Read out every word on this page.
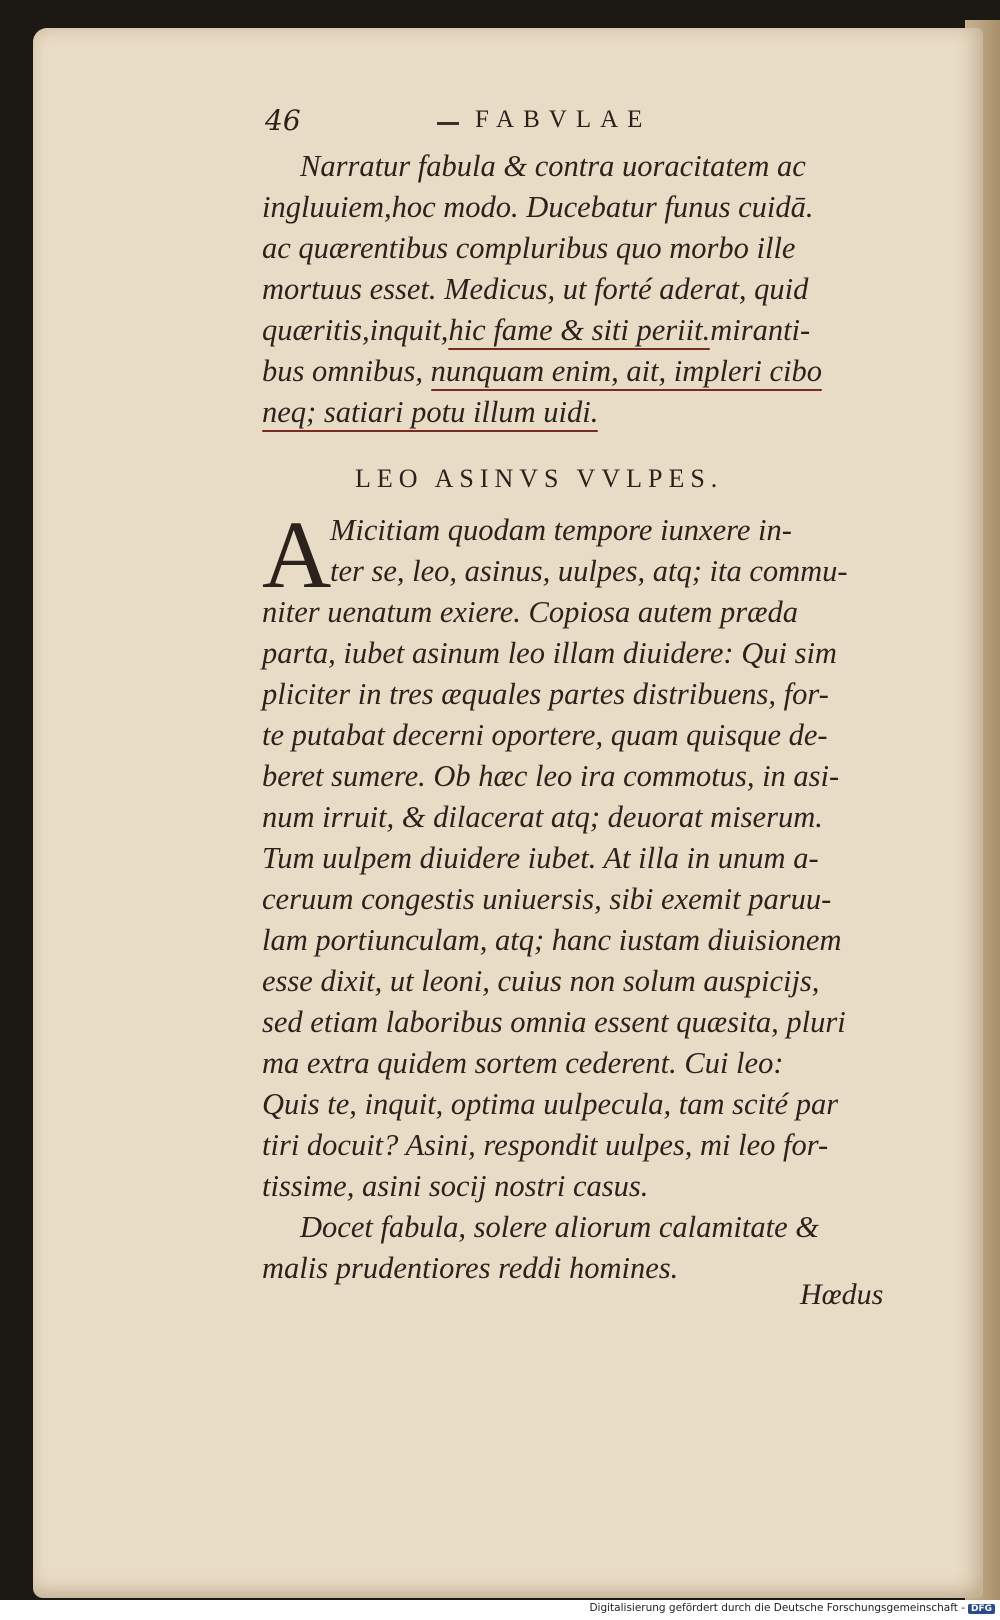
46	FABVLAE
Narratur fabula & contra uoracitatem ac
ingluuiem,hoc modo. Ducebatur funus cuidā.
ac quærentibus compluribus quo morbo ille
mortuus esset. Medicus, ut forté aderat, quid
quæritis,inquit,hic fame & siti periit.miranti-
bus omnibus, nunquam enim, ait, impleri cibo
neq; satiari potu illum uidi.
LEO ASINVS VVLPES.
A
Micitiam quodam tempore iunxere in-
ter se, leo, asinus, uulpes, atq; ita commu-
niter uenatum exiere. Copiosa autem præda
parta, iubet asinum leo illam diuidere: Qui sim
pliciter in tres æquales partes distribuens, for-
te putabat decerni oportere, quam quisque de-
beret sumere. Ob hæc leo ira commotus, in asi-
num irruit, & dilacerat atq; deuorat miserum.
Tum uulpem diuidere iubet. At illa in unum a-
ceruum congestis uniuersis, sibi exemit paruu-
lam portiunculam, atq; hanc iustam diuisionem
esse dixit, ut leoni, cuius non solum auspicijs,
sed etiam laboribus omnia essent quæsita, pluri
ma extra quidem sortem cederent. Cui leo:
Quis te, inquit, optima uulpecula, tam scité par
tiri docuit? Asini, respondit uulpes, mi leo for-
tissime, asini socij nostri casus.
Docet fabula, solere aliorum calamitate &
malis prudentiores reddi homines.
Hœdus
Digitalisierung gefördert durch die Deutsche Forschungsgemeinschaft - DFG
